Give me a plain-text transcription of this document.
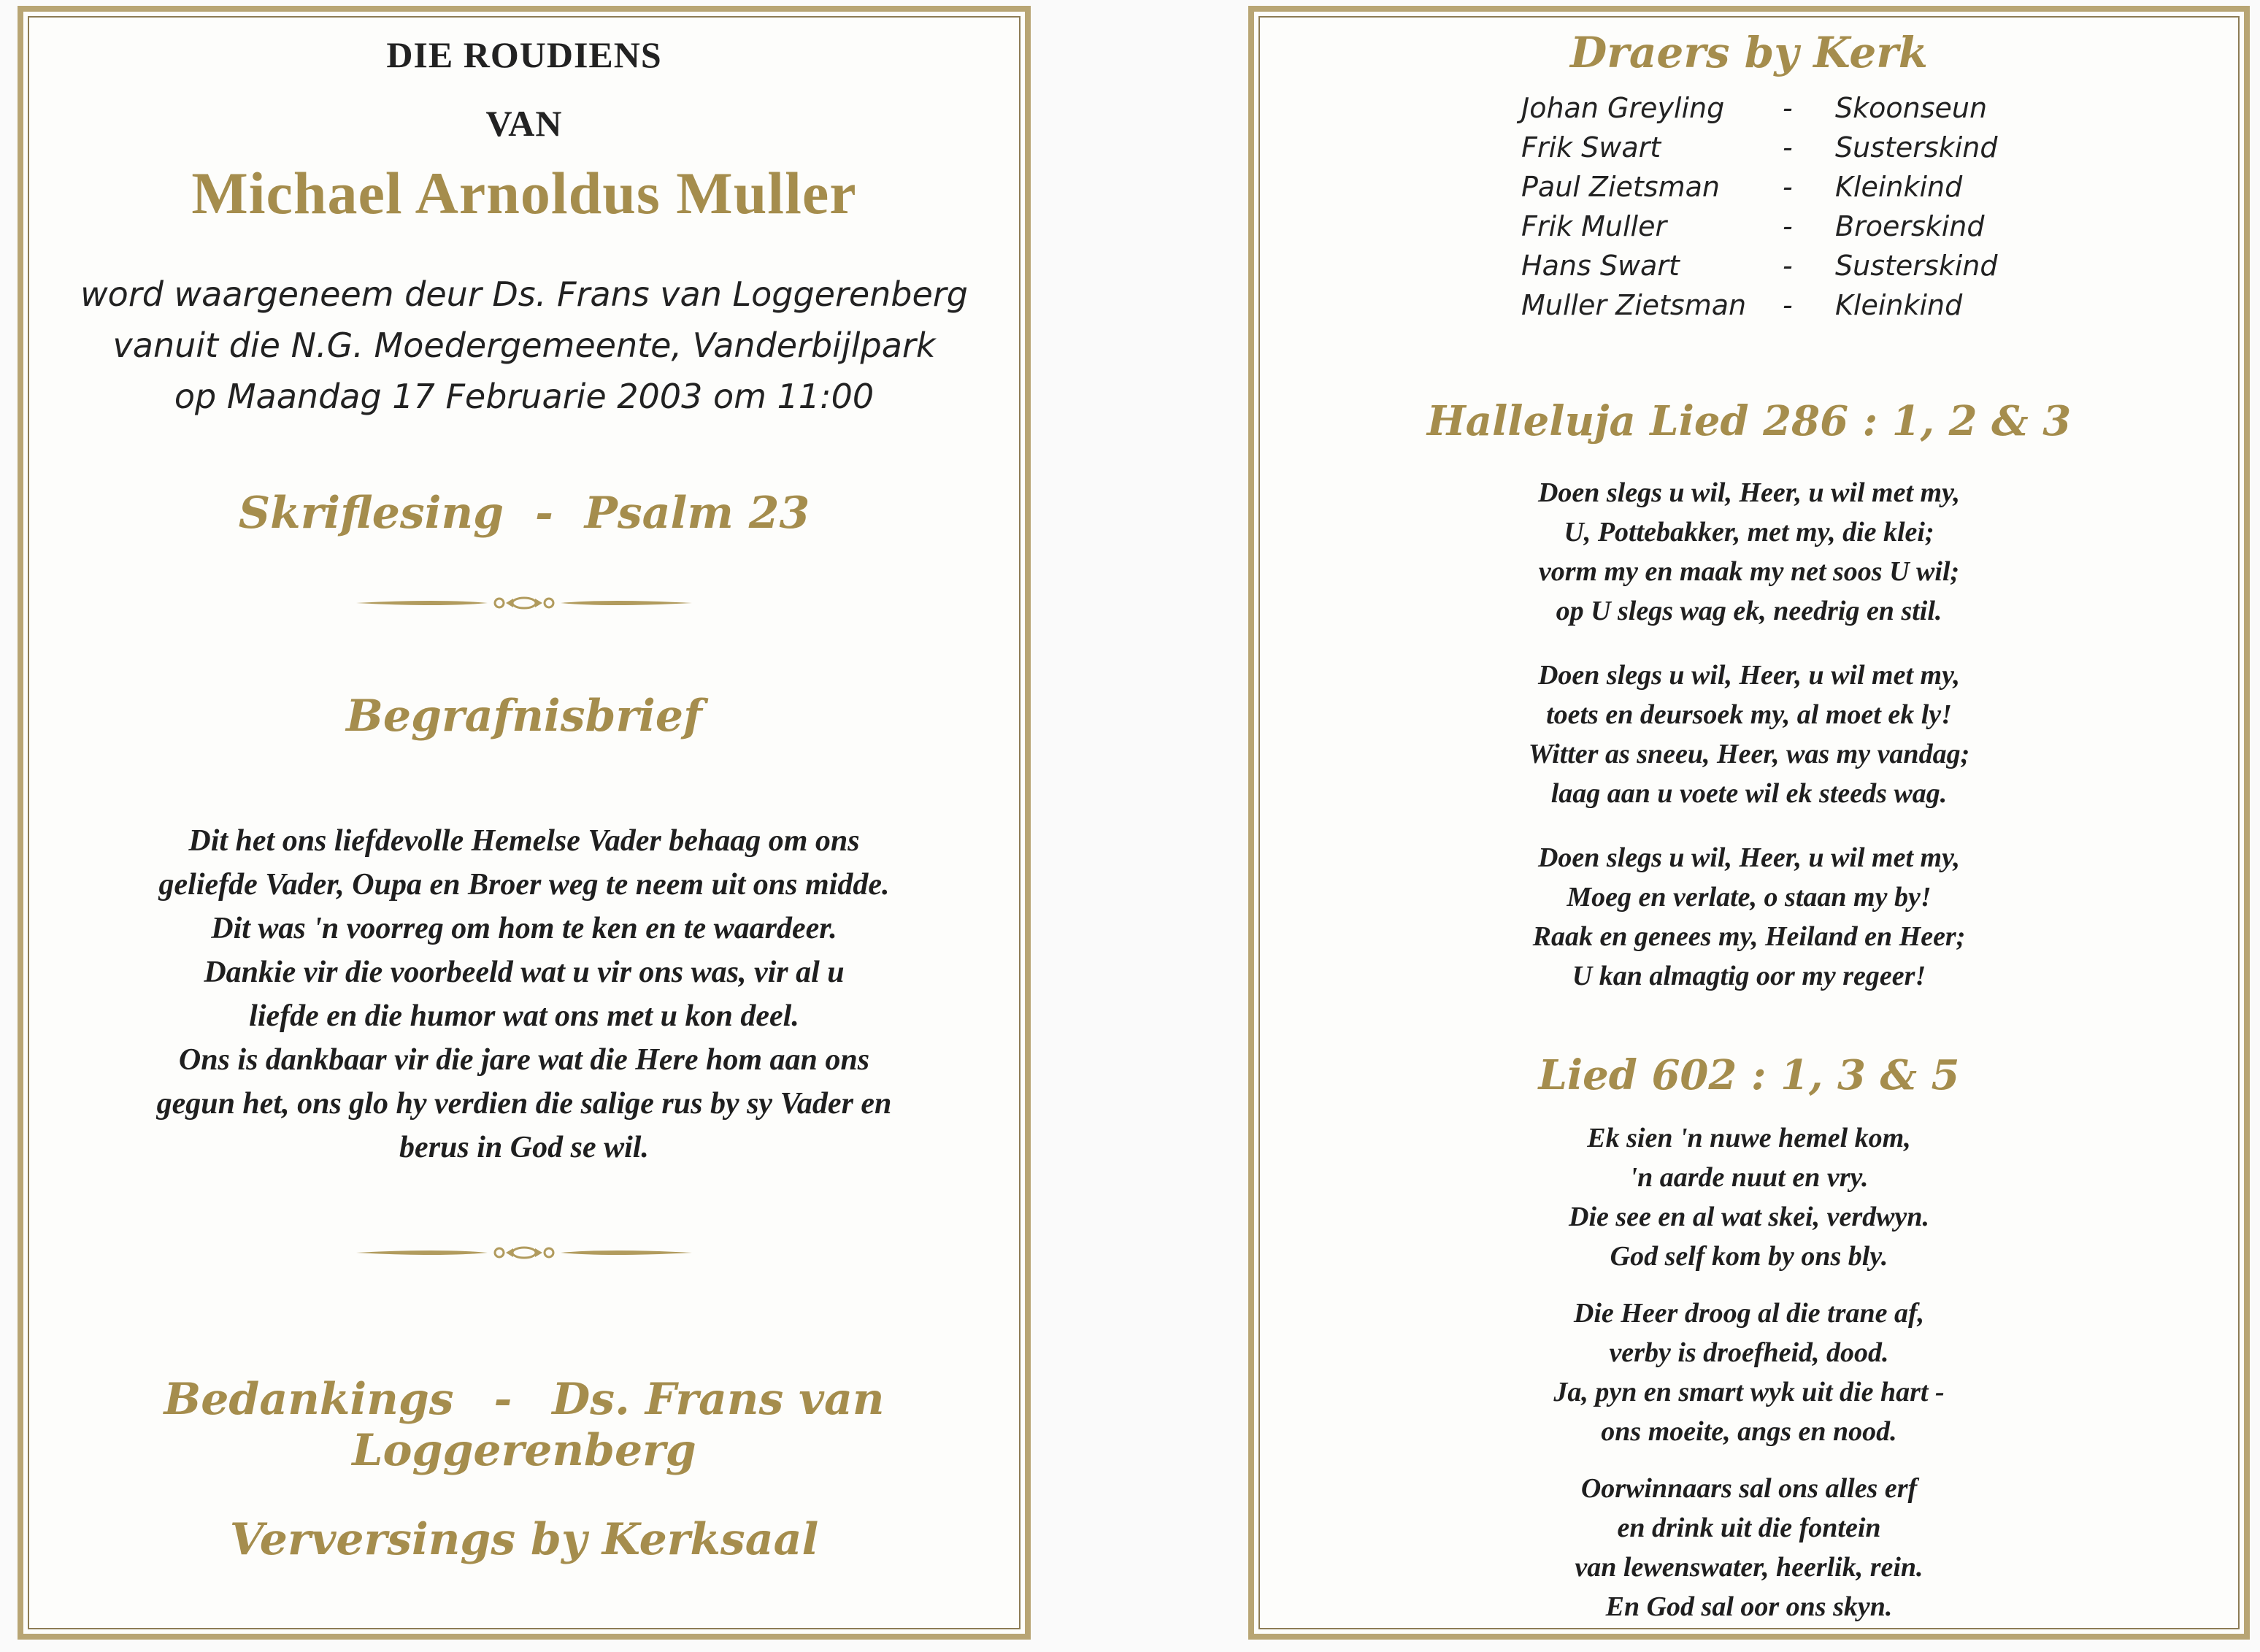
DIE ROUDIENS
VAN
Michael Arnoldus Muller
word waargeneem deur Ds. Frans van Loggerenberg
vanuit die N.G. Moedergemeente, Vanderbijlpark
op Maandag 17 Februarie 2003 om 11:00
Skriflesing - Psalm 23
Begrafnisbrief
Dit het ons liefdevolle Hemelse Vader behaag om ons
geliefde Vader, Oupa en Broer weg te neem uit ons midde.
Dit was 'n voorreg om hom te ken en te waardeer.
Dankie vir die voorbeeld wat u vir ons was, vir al u
liefde en die humor wat ons met u kon deel.
Ons is dankbaar vir die jare wat die Here hom aan ons
gegun het, ons glo hy verdien die salige rus by sy Vader en
berus in God se wil.
Bedankings - Ds. Frans van Loggerenberg
Verversings by Kerksaal
Draers by Kerk
Johan Greyling - Skoonseun
Frik Swart	- Susterskind
Paul Zietsman - Kleinkind
Frik Muller	- Broerskind
Hans Swart	- Susterskind
Muller Zietsman - Kleinkind
Halleluja Lied 286 : 1, 2 & 3
Doen slegs u wil, Heer, u wil met my,
U, Pottebakker, met my, die klei;
vorm my en maak my net soos U wil;
op U slegs wag ek, needrig en stil.
Doen slegs u wil, Heer, u wil met my,
toets en deursoek my, al moet ek ly!
Witter as sneeu, Heer, was my vandag;
laag aan u voete wil ek steeds wag.
Doen slegs u wil, Heer, u wil met my,
Moeg en verlate, o staan my by!
Raak en genees my, Heiland en Heer;
U kan almagtig oor my regeer!
Lied 602 : 1, 3 & 5
Ek sien 'n nuwe hemel kom,
'n aarde nuut en vry.
Die see en al wat skei, verdwyn.
God self kom by ons bly.
Die Heer droog al die trane af,
verby is droefheid, dood.
Ja, pyn en smart wyk uit die hart -
ons moeite, angs en nood.
Oorwinnaars sal ons alles erf
en drink uit die fontein
van lewenswater, heerlik, rein.
En God sal oor ons skyn.
